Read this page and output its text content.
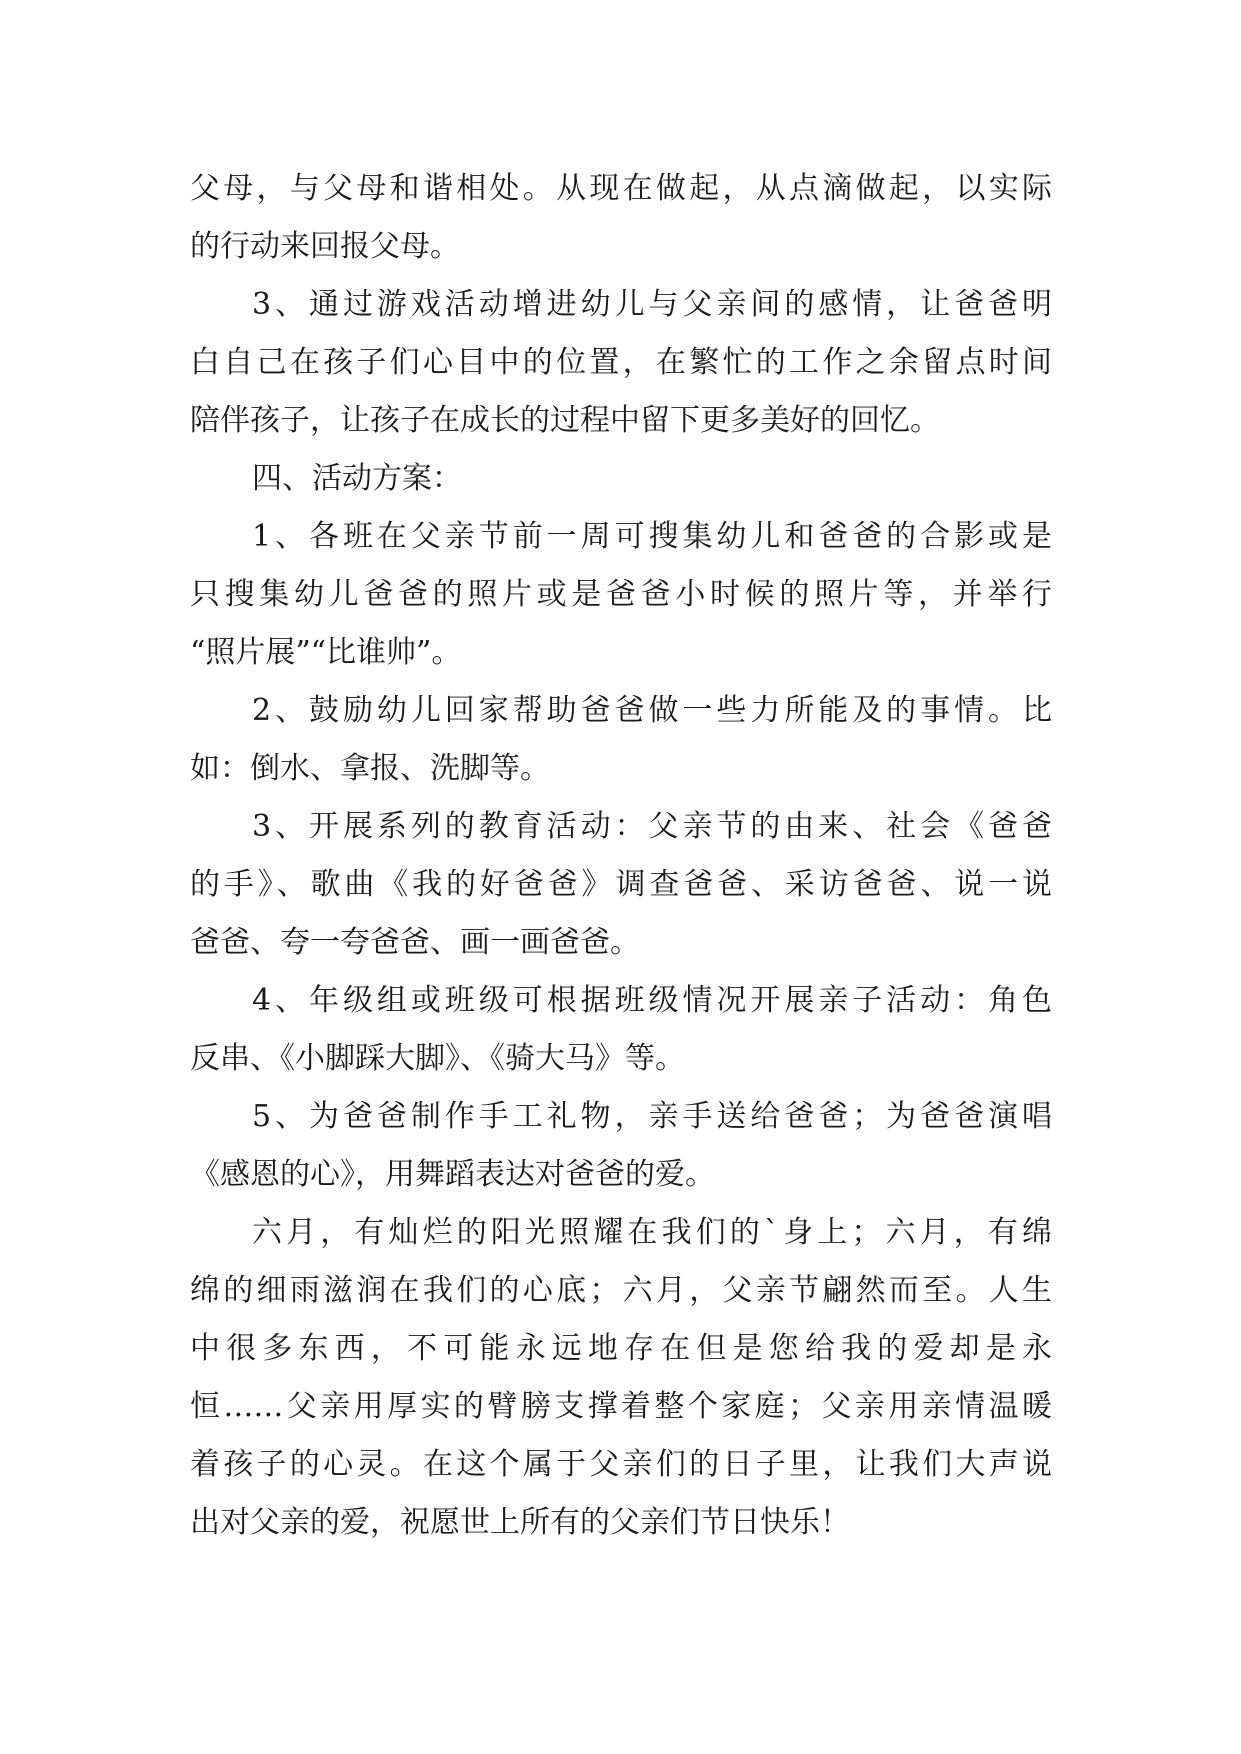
父母，与父母和谐相处。从现在做起，从点滴做起，以实际
的行动来回报父母。
3、通过游戏活动增进幼儿与父亲间的感情，让爸爸明
白自己在孩子们心目中的位置，在繁忙的工作之余留点时间
陪伴孩子，让孩子在成长的过程中留下更多美好的回忆。
四、活动方案：
1、各班在父亲节前一周可搜集幼儿和爸爸的合影或是
只搜集幼儿爸爸的照片或是爸爸小时候的照片等，并举行
“照片展”“比谁帅”。
2、鼓励幼儿回家帮助爸爸做一些力所能及的事情。比
如：倒水、拿报、洗脚等。
3、开展系列的教育活动：父亲节的由来、社会《爸爸
的手》、歌曲《我的好爸爸》调查爸爸、采访爸爸、说一说
爸爸、夸一夸爸爸、画一画爸爸。
4、年级组或班级可根据班级情况开展亲子活动：角色
反串、《小脚踩大脚》、《骑大马》等。
5、为爸爸制作手工礼物，亲手送给爸爸；为爸爸演唱
《感恩的心》，用舞蹈表达对爸爸的爱。
六月，有灿烂的阳光照耀在我们的`身上；六月，有绵
绵的细雨滋润在我们的心底；六月，父亲节翩然而至。人生
中很多东西，不可能永远地存在但是您给我的爱却是永
恒……父亲用厚实的臂膀支撑着整个家庭；父亲用亲情温暖
着孩子的心灵。在这个属于父亲们的日子里，让我们大声说
出对父亲的爱，祝愿世上所有的父亲们节日快乐！
